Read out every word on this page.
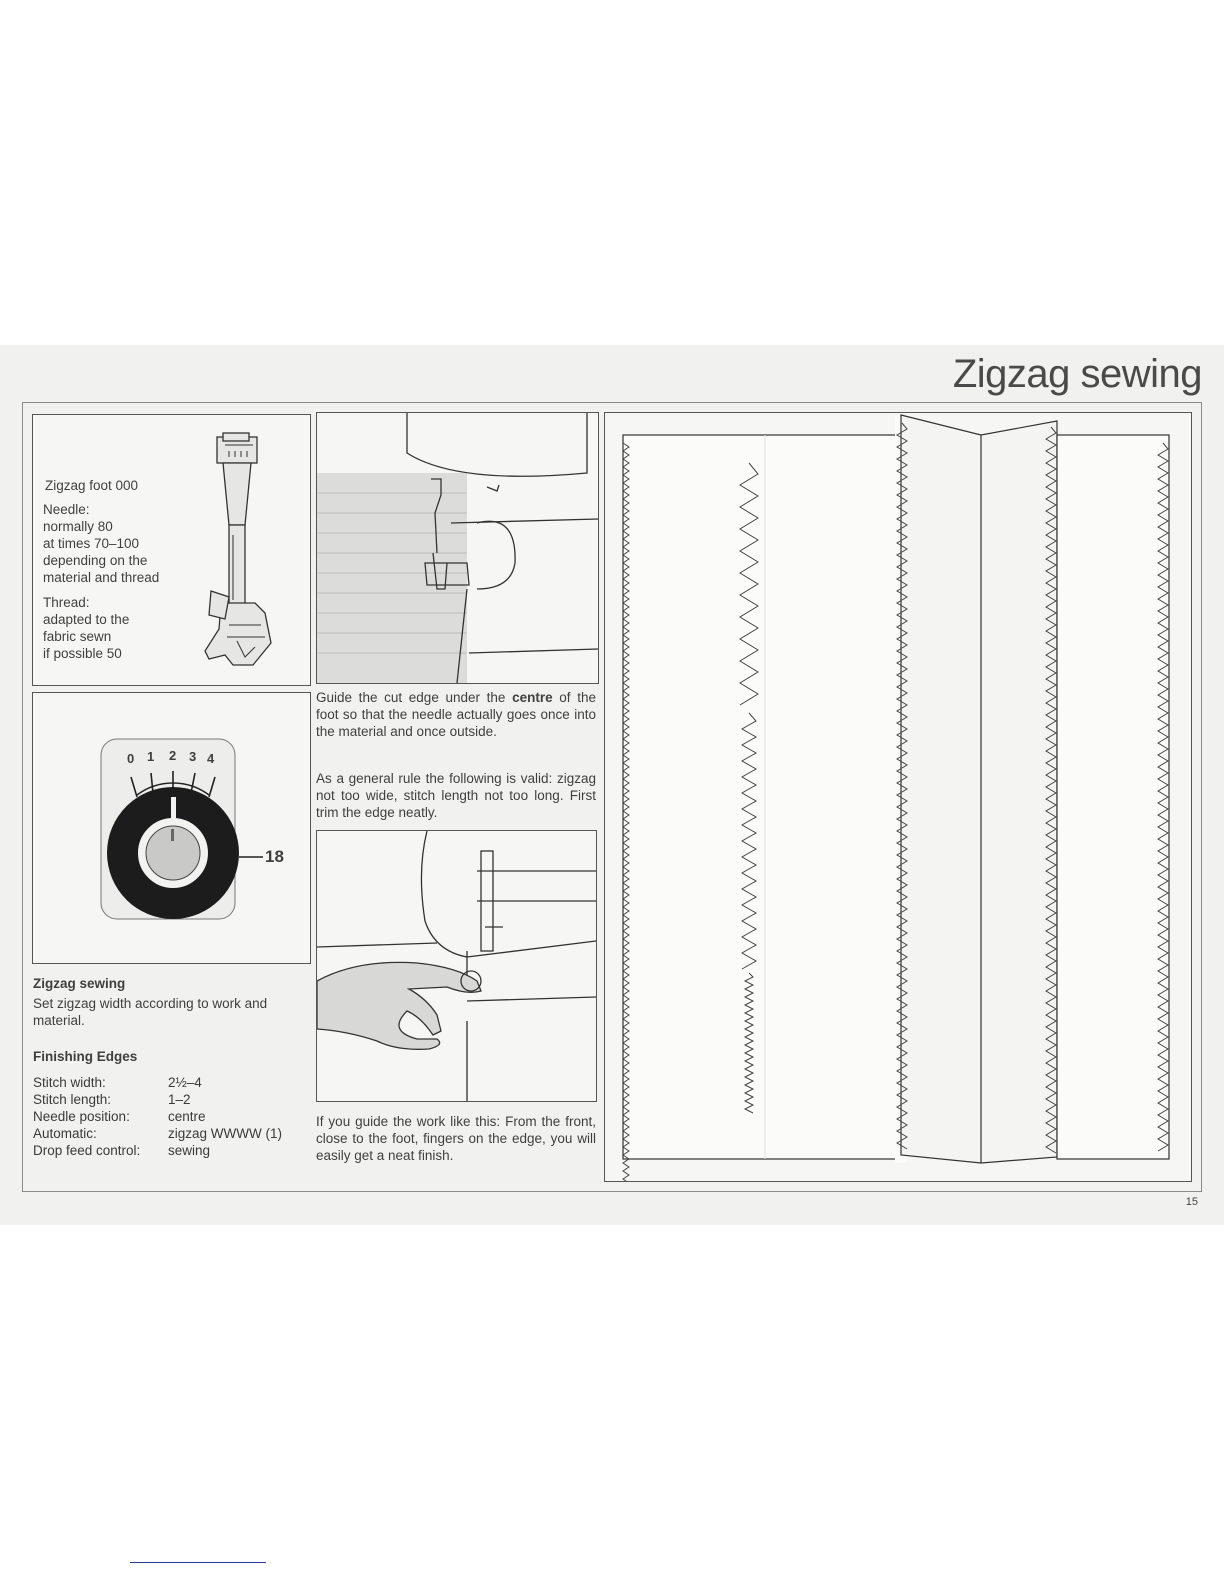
Zigzag sewing
Zigzag foot 000
Needle:
normally 80
at times 70–100
depending on the
material and thread
Thread:
adapted to the
fabric sewn
if possible 50
0 1 2 3 4
18
Zigzag sewing
Set zigzag width according to work and material.
Finishing Edges
Stitch width:	2½–4
Stitch length:	1–2
Needle position:	centre
Automatic:	zigzag WWWW (1)
Drop feed control: sewing
Guide the cut edge under the centre of the foot so that the needle actually goes once into the material and once outside.
As a general rule the following is valid: zigzag not too wide, stitch length not too long. First trim the edge neatly.
If you guide the work like this: From the front, close to the foot, fingers on the edge, you will easily get a neat finish.
15
